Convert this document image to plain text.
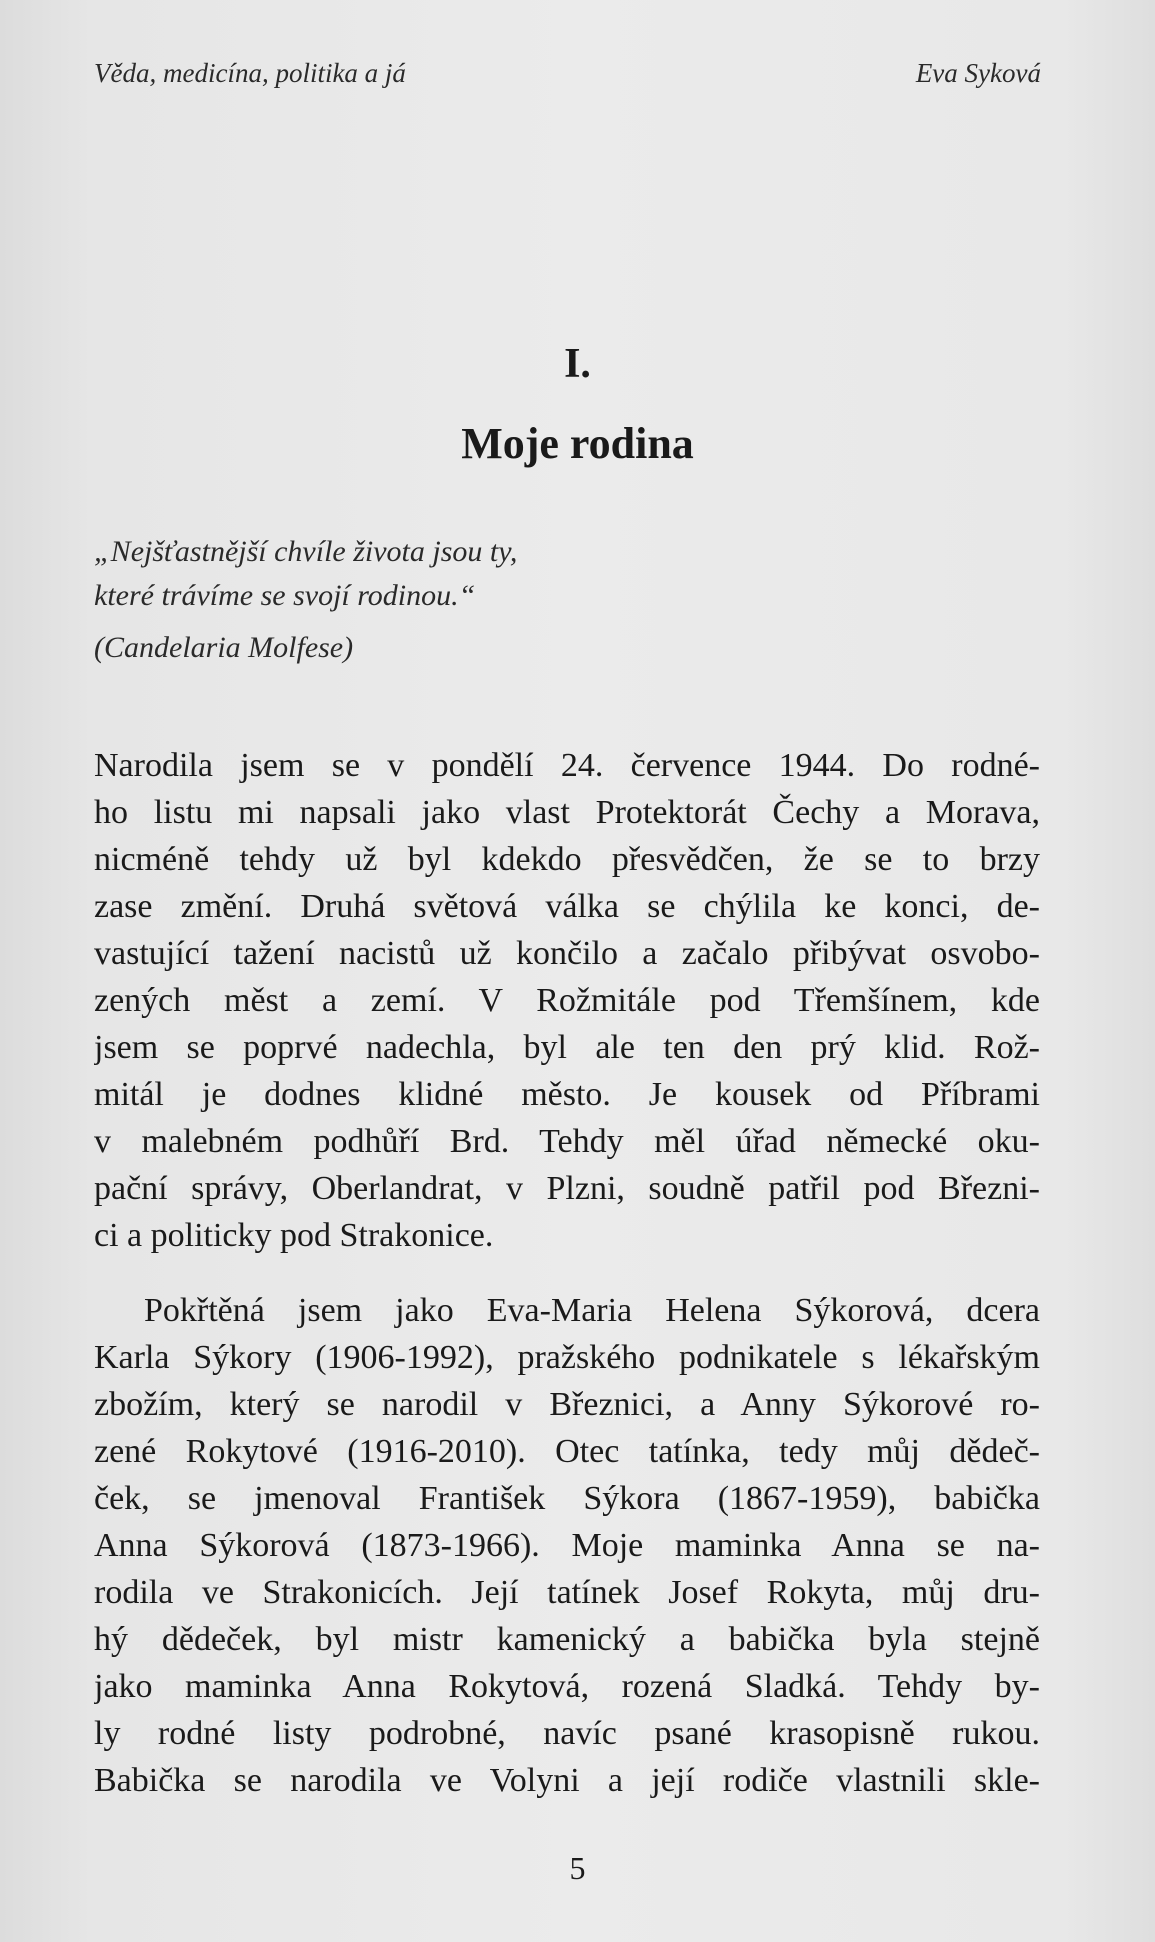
Věda, medicína, politika a já	Eva Syková
I.
Moje rodina
„Nejšťastnější chvíle života jsou ty,
které trávíme se svojí rodinou.“
(Candelaria Molfese)
Narodila jsem se v pondělí 24. července 1944. Do rodné-
ho listu mi napsali jako vlast Protektorát Čechy a Morava,
nicméně tehdy už byl kdekdo přesvědčen, že se to brzy
zase změní. Druhá světová válka se chýlila ke konci, de-
vastující tažení nacistů už končilo a začalo přibývat osvobo-
zených měst a zemí. V Rožmitále pod Třemšínem, kde
jsem se poprvé nadechla, byl ale ten den prý klid. Rož-
mitál je dodnes klidné město. Je kousek od Příbrami
v malebném podhůří Brd. Tehdy měl úřad německé oku-
pační správy, Oberlandrat, v Plzni, soudně patřil pod Březni-
ci a politicky pod Strakonice.
Pokřtěná jsem jako Eva-Maria Helena Sýkorová, dcera
Karla Sýkory (1906-1992), pražského podnikatele s lékařským
zbožím, který se narodil v Březnici, a Anny Sýkorové ro-
zené Rokytové (1916-2010). Otec tatínka, tedy můj dědeč-
ček, se jmenoval František Sýkora (1867-1959), babička
Anna Sýkorová (1873-1966). Moje maminka Anna se na-
rodila ve Strakonicích. Její tatínek Josef Rokyta, můj dru-
hý dědeček, byl mistr kamenický a babička byla stejně
jako maminka Anna Rokytová, rozená Sladká. Tehdy by-
ly rodné listy podrobné, navíc psané krasopisně rukou.
Babička se narodila ve Volyni a její rodiče vlastnili skle-
5
